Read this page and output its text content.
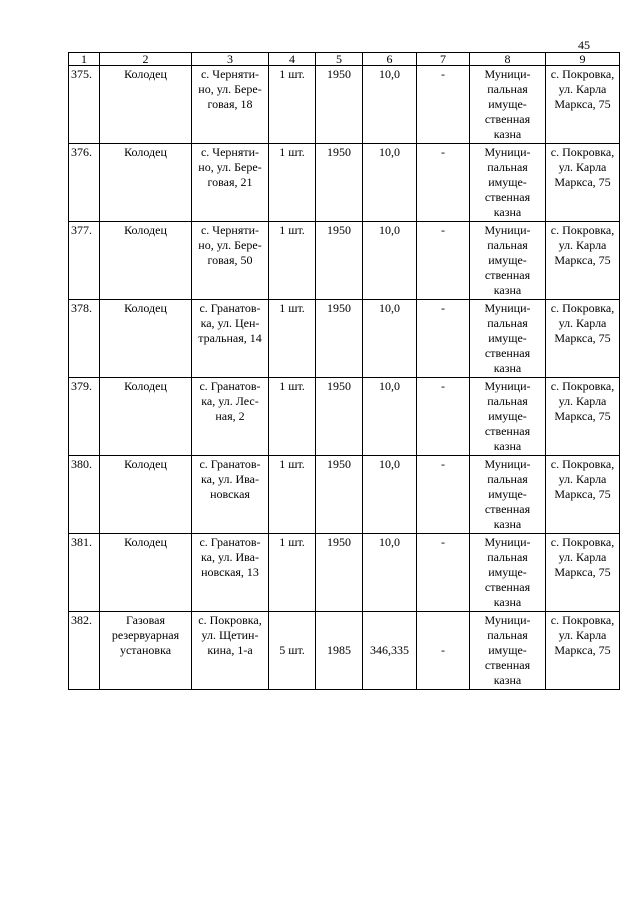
45
1	2	3	4	5	6	7	8	9
375.	Колодец	с. Черняти-
но, ул. Бере-
говая, 18	1 шт.	1950	10,0	-	Муници-
пальная
имуще-
ственная
казна	с. Покровка,
ул. Карла
Маркса, 75
376.	Колодец	с. Черняти-
но, ул. Бере-
говая, 21	1 шт.	1950	10,0	-	Муници-
пальная
имуще-
ственная
казна	с. Покровка,
ул. Карла
Маркса, 75
377.	Колодец	с. Черняти-
но, ул. Бере-
говая, 50	1 шт.	1950	10,0	-	Муници-
пальная
имуще-
ственная
казна	с. Покровка,
ул. Карла
Маркса, 75
378.	Колодец	с. Гранатов-
ка, ул. Цен-
тральная, 14	1 шт.	1950	10,0	-	Муници-
пальная
имуще-
ственная
казна	с. Покровка,
ул. Карла
Маркса, 75
379.	Колодец	с. Гранатов-
ка, ул. Лес-
ная, 2	1 шт.	1950	10,0	-	Муници-
пальная
имуще-
ственная
казна	с. Покровка,
ул. Карла
Маркса, 75
380.	Колодец	с. Гранатов-
ка, ул. Ива-
новская	1 шт.	1950	10,0	-	Муници-
пальная
имуще-
ственная
казна	с. Покровка,
ул. Карла
Маркса, 75
381.	Колодец	с. Гранатов-
ка, ул. Ива-
новская, 13	1 шт.	1950	10,0	-	Муници-
пальная
имуще-
ственная
казна	с. Покровка,
ул. Карла
Маркса, 75
382.	Газовая
резервуарная
установка	с. Покровка,
ул. Щетин-
кина, 1-а	5 шт.	1985	346,335	-	Муници-
пальная
имуще-
ственная
казна	с. Покровка,
ул. Карла
Маркса, 75
